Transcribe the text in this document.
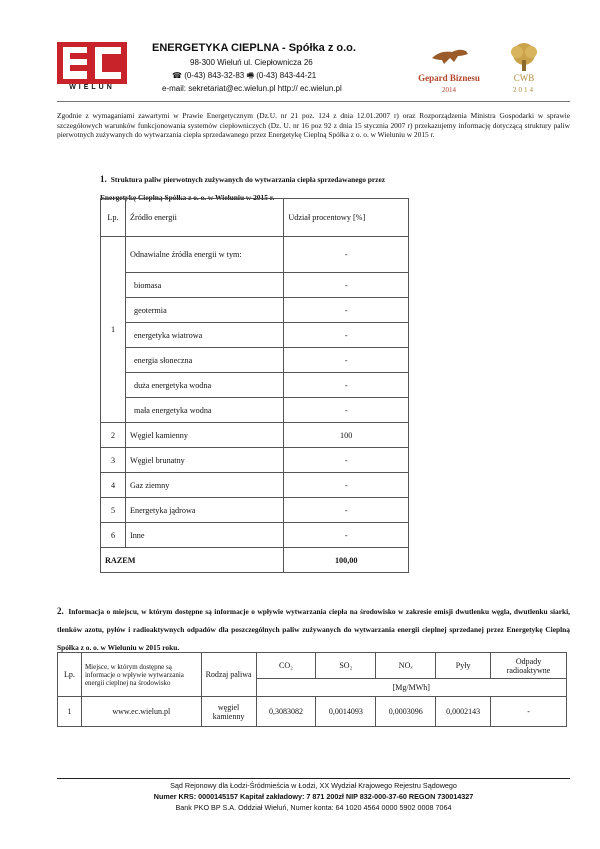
WIELUN
ENERGETYKA CIEPLNA - Spółka z o.o.
98-300 Wieluń ul. Ciepłownicza 26
☎ (0-43) 843-32-83 🖷 (0-43) 843-44-21
e-mail: sekretariat@ec.wielun.pl http:// ec.wielun.pl
Gepard Biznesu
2014
CWB
2014
Zgodnie z wymaganiami zawartymi w Prawie Energetycznym (Dz.U. nr 21 poz. 124 z dnia 12.01.2007 r) oraz Rozporządzenia Ministra Gospodarki w sprawie szczegółowych warunków funkcjonowania systemów ciepłowniczych (Dz. U. nr 16 poz 92 z dnia 15 stycznia 2007 r) przekazujemy informację dotyczącą struktury paliw pierwotnych zużywanych do wytwarzania ciepła sprzedawanego przez Energetykę Cieplną Spółka z o. o. w Wieluniu w 2015 r.
1. Struktura paliw pierwotnych zużywanych do wytwarzania ciepła sprzedawanego przez Energetykę Cieplną Spółka z o. o. w Wieluniu w 2015 r.
Lp.	Źródło energii	Udział procentowy [%]
1	Odnawialne źródła energii w tym:	-
	biomasa	-
	geotermia	-
	energetyka wiatrowa	-
	energia słoneczna	-
	duża energetyka wodna	-
	mała energetyka wodna	-
2	Węgiel kamienny	100
3	Węgiel brunatny	-
4	Gaz ziemny	-
5	Energetyka jądrowa	-
6	Inne	-
RAZEM		100,00
2. Informacja o miejscu, w którym dostępne są informacje o wpływie wytwarzania ciepła na środowisko w zakresie emisji dwutlenku węgla, dwutlenku siarki, tlenków azotu, pyłów i radioaktywnych odpadów dla poszczególnych paliw zużywanych do wytwarzania energii cieplnej sprzedanej przez Energetykę Cieplną Spółka z o. o. w Wieluniu w 2015 roku.
Lp.	Miejsce, w którym dostępne są informacje o wpływie wytwarzania energii cieplnej na środowisko	Rodzaj paliwa	CO₂	SO₂	NOₓ	Pyły	Odpady radioaktywne
			[Mg/MWh]				
1	www.ec.wielun.pl	węgiel kamienny	0,3083082	0,0014093	0,0003096	0,0002143	-
Sąd Rejonowy dla Łodzi-Śródmieścia w Łodzi, XX Wydział Krajowego Rejestru Sądowego
Numer KRS: 0000145157 Kapitał zakładowy: 7 871 200zł NIP 832-000-37-60 REGON 730014327
Bank PKO BP S.A. Oddział Wieluń, Numer konta: 64 1020 4564 0000 5902 0008 7064
